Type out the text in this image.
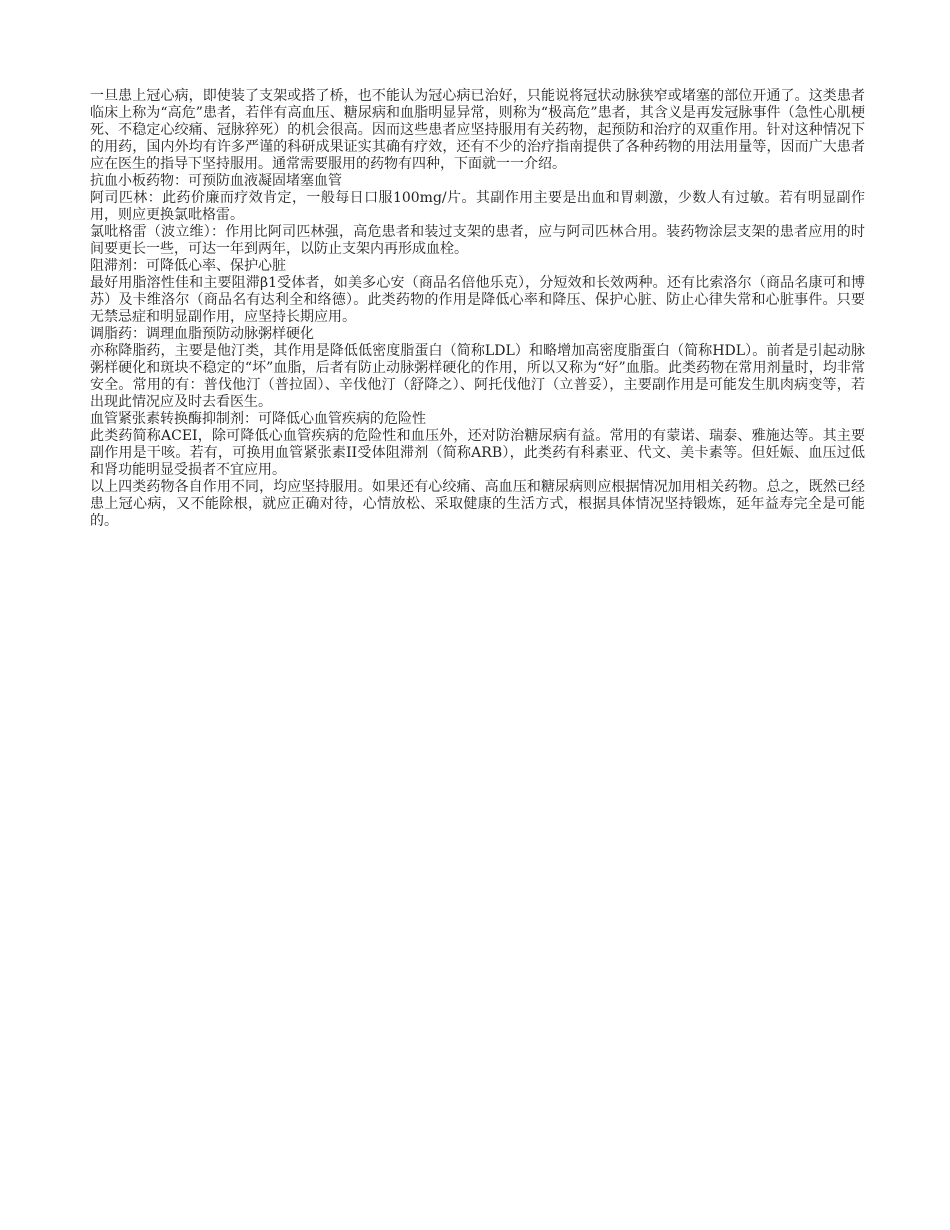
一旦患上冠心病，即使装了支架或搭了桥，也不能认为冠心病已治好，只能说将冠状动脉狭窄或堵塞的部位开通了。这类患者临床上称为“高危”患者，若伴有高血压、糖尿病和血脂明显异常，则称为“极高危”患者，其含义是再发冠脉事件（急性心肌梗死、不稳定心绞痛、冠脉猝死）的机会很高。因而这些患者应坚持服用有关药物，起预防和治疗的双重作用。针对这种情况下的用药，国内外均有许多严谨的科研成果证实其确有疗效，还有不少的治疗指南提供了各种药物的用法用量等，因而广大患者应在医生的指导下坚持服用。通常需要服用的药物有四种，下面就一一介绍。

抗血小板药物：可预防血液凝固堵塞血管

阿司匹林：此药价廉而疗效肯定，一般每日口服100mg/片。其副作用主要是出血和胃刺激，少数人有过敏。若有明显副作用，则应更换氯吡格雷。

氯吡格雷（波立维）：作用比阿司匹林强，高危患者和装过支架的患者，应与阿司匹林合用。装药物涂层支架的患者应用的时间要更长一些，可达一年到两年，以防止支架内再形成血栓。

阻滞剂：可降低心率、保护心脏

最好用脂溶性佳和主要阻滞β1受体者，如美多心安（商品名倍他乐克），分短效和长效两种。还有比索洛尔（商品名康可和博苏）及卡维洛尔（商品名有达利全和络德）。此类药物的作用是降低心率和降压、保护心脏、防止心律失常和心脏事件。只要无禁忌症和明显副作用，应坚持长期应用。

调脂药：调理血脂预防动脉粥样硬化

亦称降脂药，主要是他汀类，其作用是降低低密度脂蛋白（简称LDL）和略增加高密度脂蛋白（简称HDL）。前者是引起动脉粥样硬化和斑块不稳定的“坏”血脂，后者有防止动脉粥样硬化的作用，所以又称为“好”血脂。此类药物在常用剂量时，均非常安全。常用的有：普伐他汀（普拉固）、辛伐他汀（舒降之）、阿托伐他汀（立普妥），主要副作用是可能发生肌肉病变等，若出现此情况应及时去看医生。

血管紧张素转换酶抑制剂：可降低心血管疾病的危险性

此类药简称ACEI，除可降低心血管疾病的危险性和血压外，还对防治糖尿病有益。常用的有蒙诺、瑞泰、雅施达等。其主要副作用是干咳。若有，可换用血管紧张素II受体阻滞剂（简称ARB），此类药有科素亚、代文、美卡素等。但妊娠、血压过低和肾功能明显受损者不宜应用。

以上四类药物各自作用不同，均应坚持服用。如果还有心绞痛、高血压和糖尿病则应根据情况加用相关药物。总之，既然已经患上冠心病，又不能除根，就应正确对待，心情放松、采取健康的生活方式，根据具体情况坚持锻炼，延年益寿完全是可能的。
